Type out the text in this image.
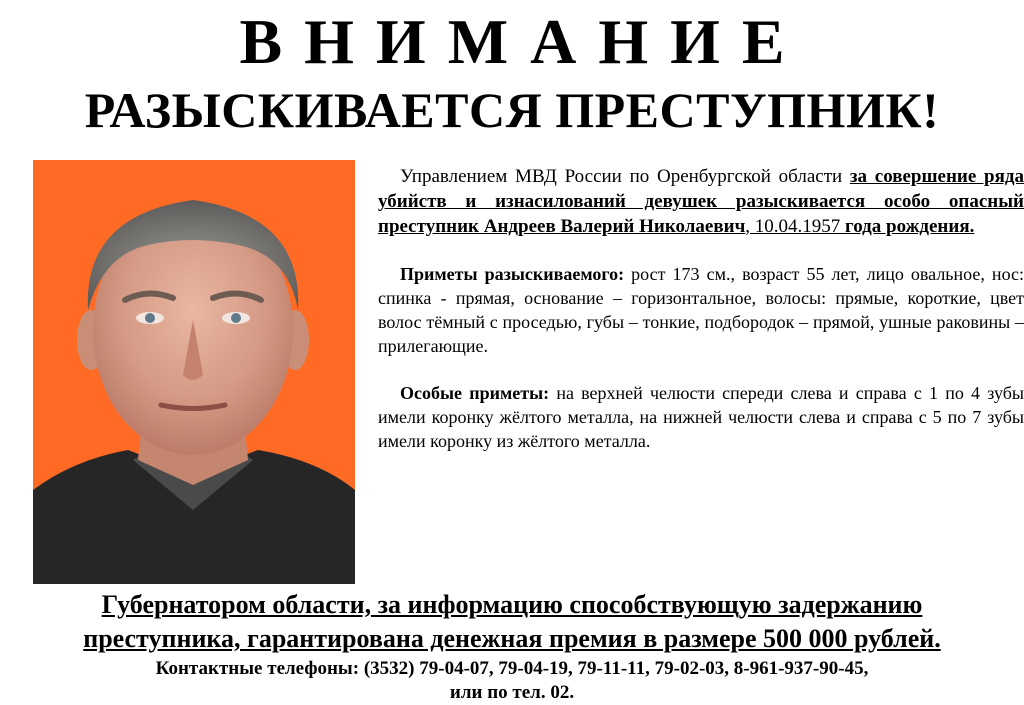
ВНИМАНИЕ
РАЗЫСКИВАЕТСЯ ПРЕСТУПНИК!

Управлением МВД России по Оренбургской области за совершение ряда убийств и изнасилований девушек разыскивается особо опасный преступник Андреев Валерий Николаевич, 10.04.1957 года рождения.

Приметы разыскиваемого: рост 173 см., возраст 55 лет, лицо овальное, нос: спинка - прямая, основание – горизонтальное, волосы: прямые, короткие, цвет волос тёмный с проседью, губы – тонкие, подбородок – прямой, ушные раковины – прилегающие.

Особые приметы: на верхней челюсти спереди слева и справа с 1 по 4 зубы имели коронку жёлтого металла, на нижней челюсти слева и справа с 5 по 7 зубы имели коронку из жёлтого металла.

Губернатором области, за информацию способствующую задержанию

преступника, гарантирована денежная премия в размере 500 000 рублей.

Контактные телефоны: (3532) 79-04-07, 79-04-19, 79-11-11, 79-02-03, 8-961-937-90-45,

или по тел. 02.
